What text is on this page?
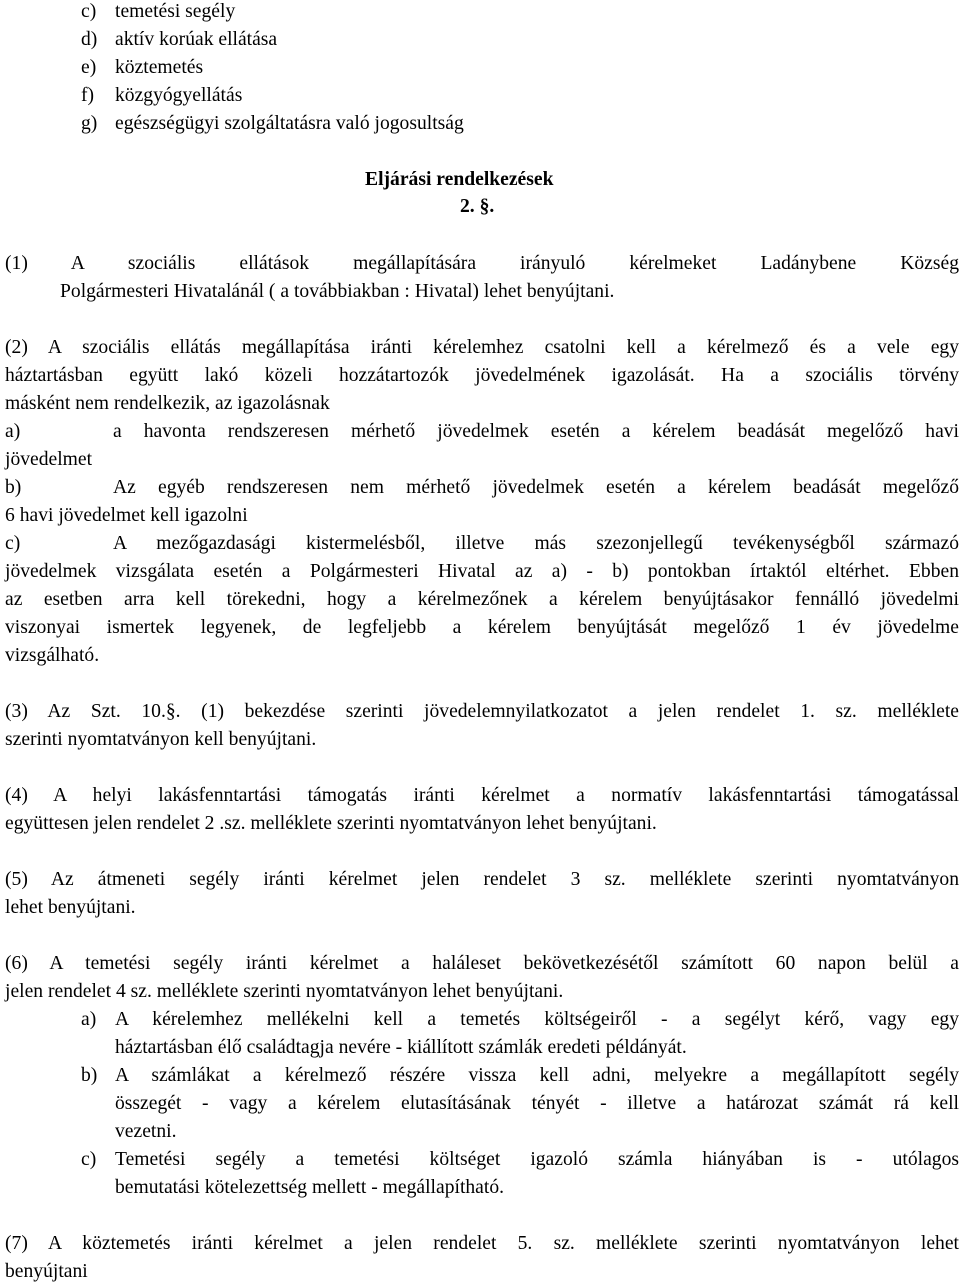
c) temetési segély
d) aktív korúak ellátása
e) köztemetés
f) közgyógyellátás
g) egészségügyi szolgáltatásra való jogosultság
Eljárási rendelkezések
2. §.
(1) A szociális ellátások megállapítására irányuló kérelmeket Ladánybene Község
Polgármesteri Hivatalánál ( a továbbiakban : Hivatal) lehet benyújtani.
(2) A szociális ellátás megállapítása iránti kérelemhez csatolni kell a kérelmező és a vele egy
háztartásban együtt lakó közeli hozzátartozók jövedelmének igazolását. Ha a szociális törvény
másként nem rendelkezik, az igazolásnak
a)	a havonta rendszeresen mérhető jövedelmek esetén a kérelem beadását megelőző havi
jövedelmet
b)	Az egyéb rendszeresen nem mérhető jövedelmek esetén a kérelem beadását megelőző
6 havi jövedelmet kell igazolni
c)	A mezőgazdasági kistermelésből, illetve más szezonjellegű tevékenységből származó
jövedelmek vizsgálata esetén a Polgármesteri Hivatal az a) - b) pontokban írtaktól eltérhet. Ebben
az esetben arra kell törekedni, hogy a kérelmezőnek a kérelem benyújtásakor fennálló jövedelmi
viszonyai ismertek legyenek, de legfeljebb a kérelem benyújtását megelőző 1 év jövedelme
vizsgálható.
(3) Az Szt. 10.§. (1) bekezdése szerinti jövedelemnyilatkozatot a jelen rendelet 1. sz. melléklete
szerinti nyomtatványon kell benyújtani.
(4) A helyi lakásfenntartási támogatás iránti kérelmet a normatív lakásfenntartási támogatással
együttesen jelen rendelet 2 .sz. melléklete szerinti nyomtatványon lehet benyújtani.
(5) Az átmeneti segély iránti kérelmet jelen rendelet 3 sz. melléklete szerinti nyomtatványon
lehet benyújtani.
(6) A temetési segély iránti kérelmet a haláleset bekövetkezésétől számított 60 napon belül a
jelen rendelet 4 sz. melléklete szerinti nyomtatványon lehet benyújtani.
a) A kérelemhez mellékelni kell a temetés költségeiről - a segélyt kérő, vagy egy
háztartásban élő családtagja nevére - kiállított számlák eredeti példányát.
b) A számlákat a kérelmező részére vissza kell adni, melyekre a megállapított segély
összegét - vagy a kérelem elutasításának tényét - illetve a határozat számát rá kell
vezetni.
c) Temetési segély a temetési költséget igazoló számla hiányában is - utólagos
bemutatási kötelezettség mellett - megállapítható.
(7) A köztemetés iránti kérelmet a jelen rendelet 5. sz. melléklete szerinti nyomtatványon lehet
benyújtani
